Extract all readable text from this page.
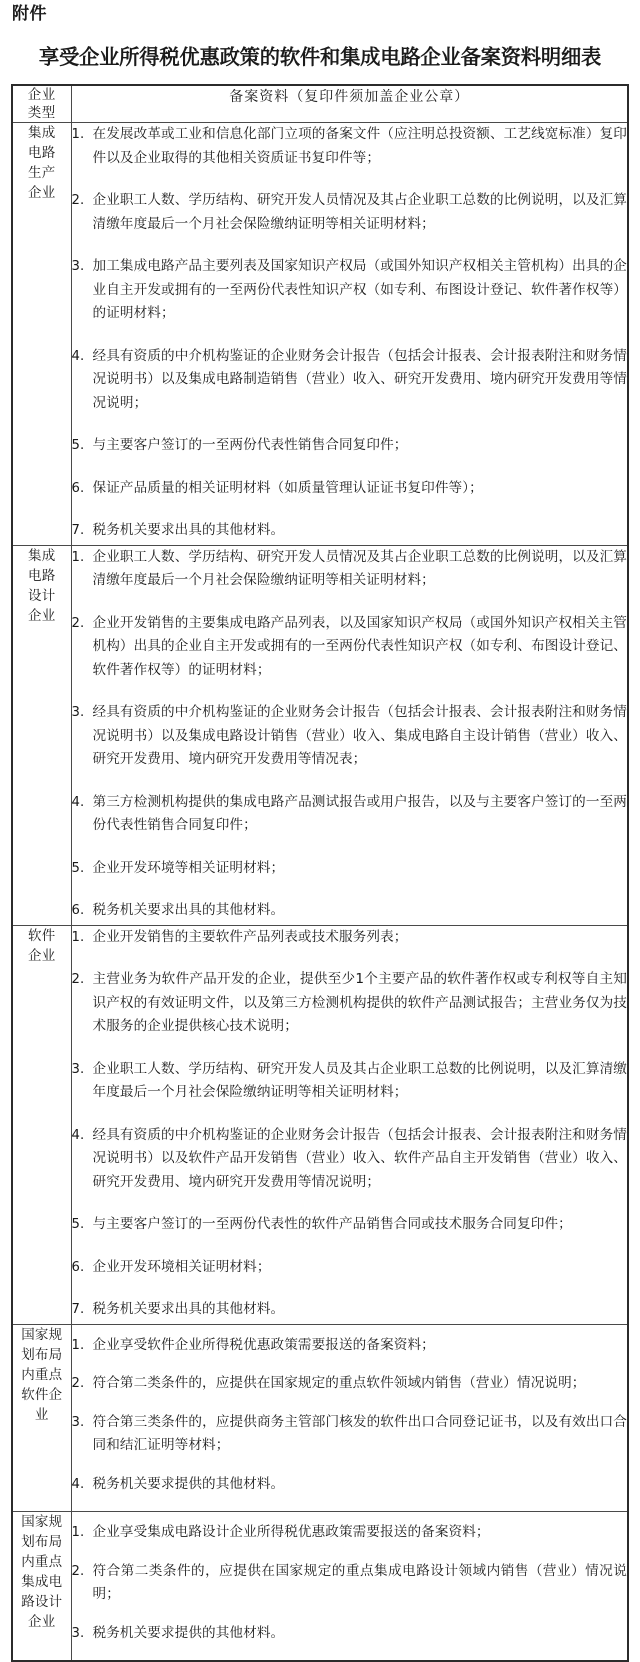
附件
享受企业所得税优惠政策的软件和集成电路企业备案资料明细表
企业
类型	备案资料（复印件须加盖企业公章）

集成
电路
生产
企业

在发展改革或工业和信息化部门立项的备案文件（应注明总投资额、工艺线宽标准）复印件以及企业取得的其他相关资质证书复印件等；
企业职工人数、学历结构、研究开发人员情况及其占企业职工总数的比例说明，以及汇算清缴年度最后一个月社会保险缴纳证明等相关证明材料；
加工集成电路产品主要列表及国家知识产权局（或国外知识产权相关主管机构）出具的企业自主开发或拥有的一至两份代表性知识产权（如专利、布图设计登记、软件著作权等）的证明材料；
经具有资质的中介机构鉴证的企业财务会计报告（包括会计报表、会计报表附注和财务情况说明书）以及集成电路制造销售（营业）收入、研究开发费用、境内研究开发费用等情况说明；
与主要客户签订的一至两份代表性销售合同复印件；
保证产品质量的相关证明材料（如质量管理认证证书复印件等）；
税务机关要求出具的其他材料。

集成
电路
设计
企业

企业职工人数、学历结构、研究开发人员情况及其占企业职工总数的比例说明，以及汇算清缴年度最后一个月社会保险缴纳证明等相关证明材料；
企业开发销售的主要集成电路产品列表，以及国家知识产权局（或国外知识产权相关主管机构）出具的企业自主开发或拥有的一至两份代表性知识产权（如专利、布图设计登记、软件著作权等）的证明材料；
经具有资质的中介机构鉴证的企业财务会计报告（包括会计报表、会计报表附注和财务情况说明书）以及集成电路设计销售（营业）收入、集成电路自主设计销售（营业）收入、研究开发费用、境内研究开发费用等情况表；
第三方检测机构提供的集成电路产品测试报告或用户报告，以及与主要客户签订的一至两份代表性销售合同复印件；
企业开发环境等相关证明材料；
税务机关要求出具的其他材料。

软件
企业

企业开发销售的主要软件产品列表或技术服务列表；
主营业务为软件产品开发的企业，提供至少1个主要产品的软件著作权或专利权等自主知识产权的有效证明文件，以及第三方检测机构提供的软件产品测试报告；主营业务仅为技术服务的企业提供核心技术说明；
企业职工人数、学历结构、研究开发人员及其占企业职工总数的比例说明，以及汇算清缴年度最后一个月社会保险缴纳证明等相关证明材料；
经具有资质的中介机构鉴证的企业财务会计报告（包括会计报表、会计报表附注和财务情况说明书）以及软件产品开发销售（营业）收入、软件产品自主开发销售（营业）收入、研究开发费用、境内研究开发费用等情况说明；
与主要客户签订的一至两份代表性的软件产品销售合同或技术服务合同复印件；
企业开发环境相关证明材料；
税务机关要求出具的其他材料。

国家规
划布局
内重点
软件企
业

企业享受软件企业所得税优惠政策需要报送的备案资料；
符合第二类条件的，应提供在国家规定的重点软件领域内销售（营业）情况说明；
符合第三类条件的，应提供商务主管部门核发的软件出口合同登记证书，以及有效出口合同和结汇证明等材料；
税务机关要求提供的其他材料。

国家规
划布局
内重点
集成电
路设计
企业

企业享受集成电路设计企业所得税优惠政策需要报送的备案资料；
符合第二类条件的，应提供在国家规定的重点集成电路设计领域内销售（营业）情况说明；
税务机关要求提供的其他材料。
